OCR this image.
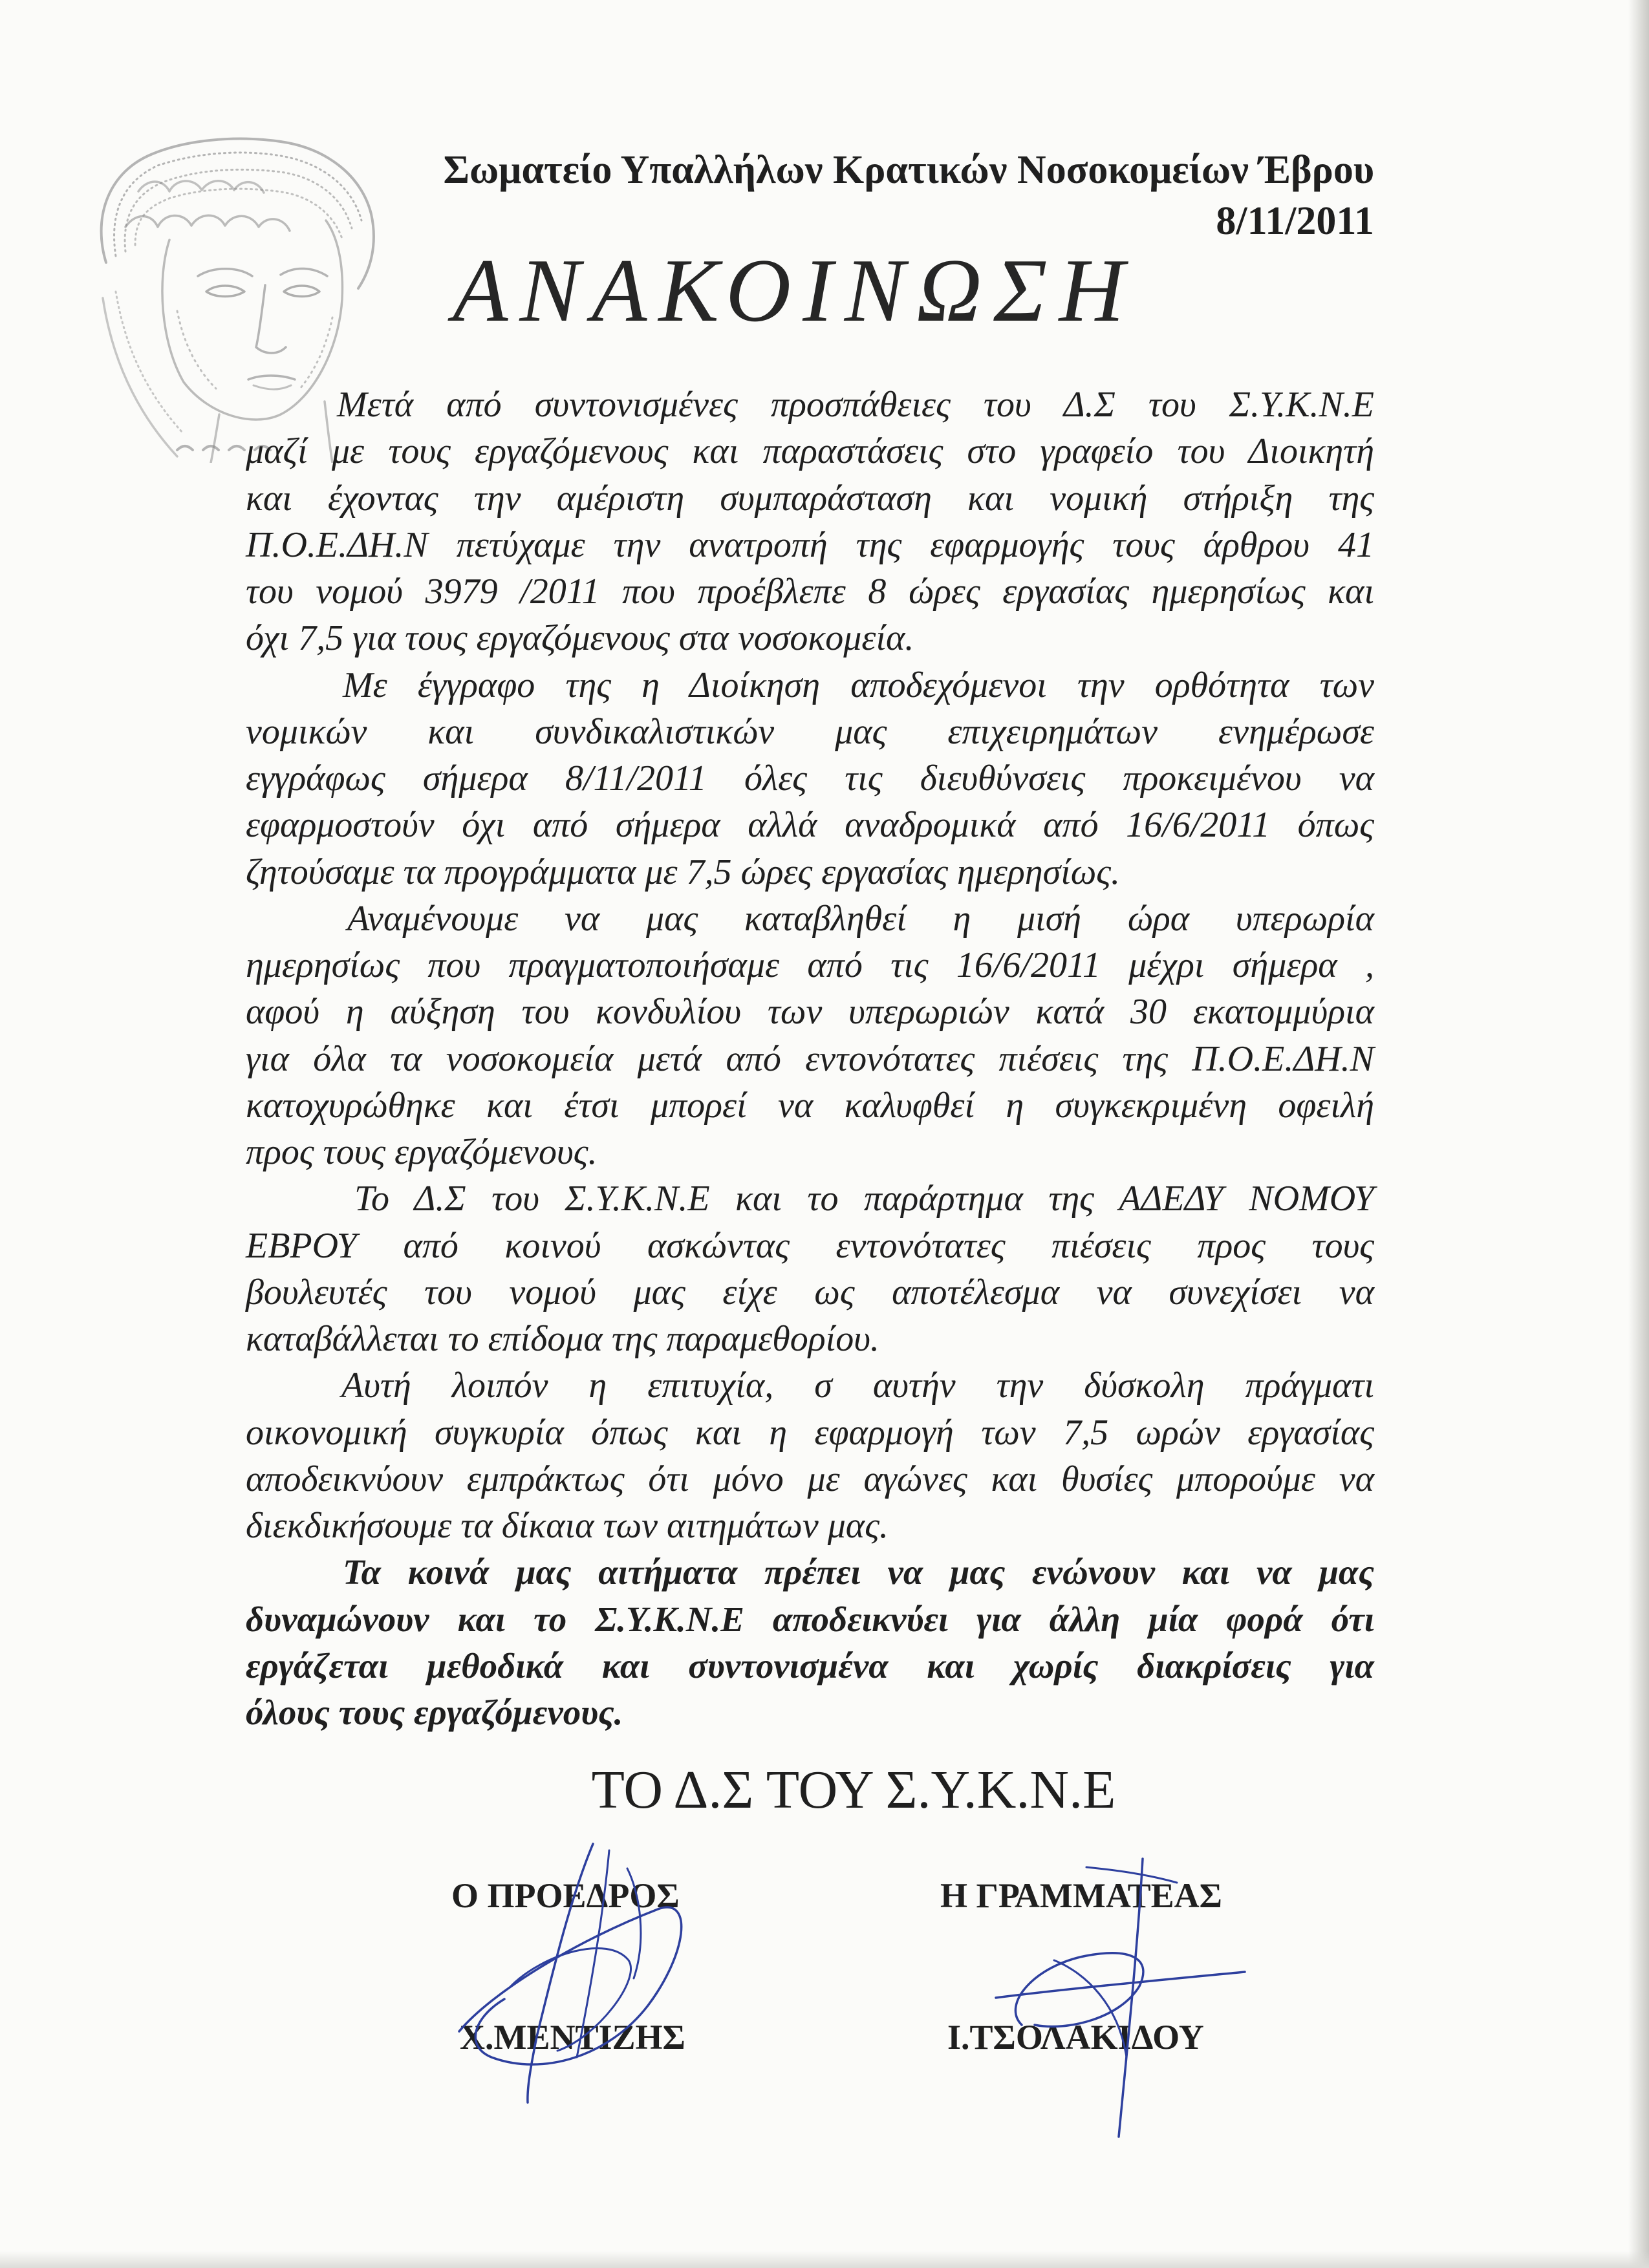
Σωματείο Υπαλλήλων Κρατικών Νοσοκομείων Έβρου
8/11/2011
ΑΝΑΚΟΙΝΩΣΗ
Μετά από συντονισμένες προσπάθειες του Δ.Σ του Σ.Υ.Κ.Ν.Ε
μαζί με τους εργαζόμενους και παραστάσεις στο γραφείο του Διοικητή
και έχοντας την αμέριστη συμπαράσταση και νομική στήριξη της
Π.Ο.Ε.ΔΗ.Ν πετύχαμε την ανατροπή της εφαρμογής τους άρθρου 41
του νομού 3979 /2011 που προέβλεπε 8 ώρες εργασίας ημερησίως και
όχι 7,5 για τους εργαζόμενους στα νοσοκομεία.
Με έγγραφο της η Διοίκηση αποδεχόμενοι την ορθότητα των
νομικών και συνδικαλιστικών μας επιχειρημάτων ενημέρωσε
εγγράφως σήμερα 8/11/2011 όλες τις διευθύνσεις προκειμένου να
εφαρμοστούν όχι από σήμερα αλλά αναδρομικά από 16/6/2011 όπως
ζητούσαμε τα προγράμματα με 7,5 ώρες εργασίας ημερησίως.
Αναμένουμε να μας καταβληθεί η μισή ώρα υπερωρία
ημερησίως που πραγματοποιήσαμε από τις 16/6/2011 μέχρι σήμερα ,
αφού η αύξηση του κονδυλίου των υπερωριών κατά 30 εκατομμύρια
για όλα τα νοσοκομεία μετά από εντονότατες πιέσεις της Π.Ο.Ε.ΔΗ.Ν
κατοχυρώθηκε και έτσι μπορεί να καλυφθεί η συγκεκριμένη οφειλή
προς τους εργαζόμενους.
Το Δ.Σ του Σ.Υ.Κ.Ν.Ε και το παράρτημα της ΑΔΕΔΥ ΝΟΜΟΥ
ΕΒΡΟΥ από κοινού ασκώντας εντονότατες πιέσεις προς τους
βουλευτές του νομού μας είχε ως αποτέλεσμα να συνεχίσει να
καταβάλλεται το επίδομα της παραμεθορίου.
Αυτή λοιπόν η επιτυχία, σ αυτήν την δύσκολη πράγματι
οικονομική συγκυρία όπως και η εφαρμογή των 7,5 ωρών εργασίας
αποδεικνύουν εμπράκτως ότι μόνο με αγώνες και θυσίες μπορούμε να
διεκδικήσουμε τα δίκαια των αιτημάτων μας.
Τα κοινά μας αιτήματα πρέπει να μας ενώνουν και να μας
δυναμώνουν και το Σ.Υ.Κ.Ν.Ε αποδεικνύει για άλλη μία φορά ότι
εργάζεται μεθοδικά και συντονισμένα και χωρίς διακρίσεις για
όλους τους εργαζόμενους.
ΤΟ Δ.Σ ΤΟΥ Σ.Υ.Κ.Ν.Ε
Ο ΠΡΟΕΔΡΟΣ	Η ΓΡΑΜΜΑΤΕΑΣ
Χ.ΜΕΝΤΙΖΗΣ	Ι.ΤΣΟΛΑΚΙΔΟΥ
